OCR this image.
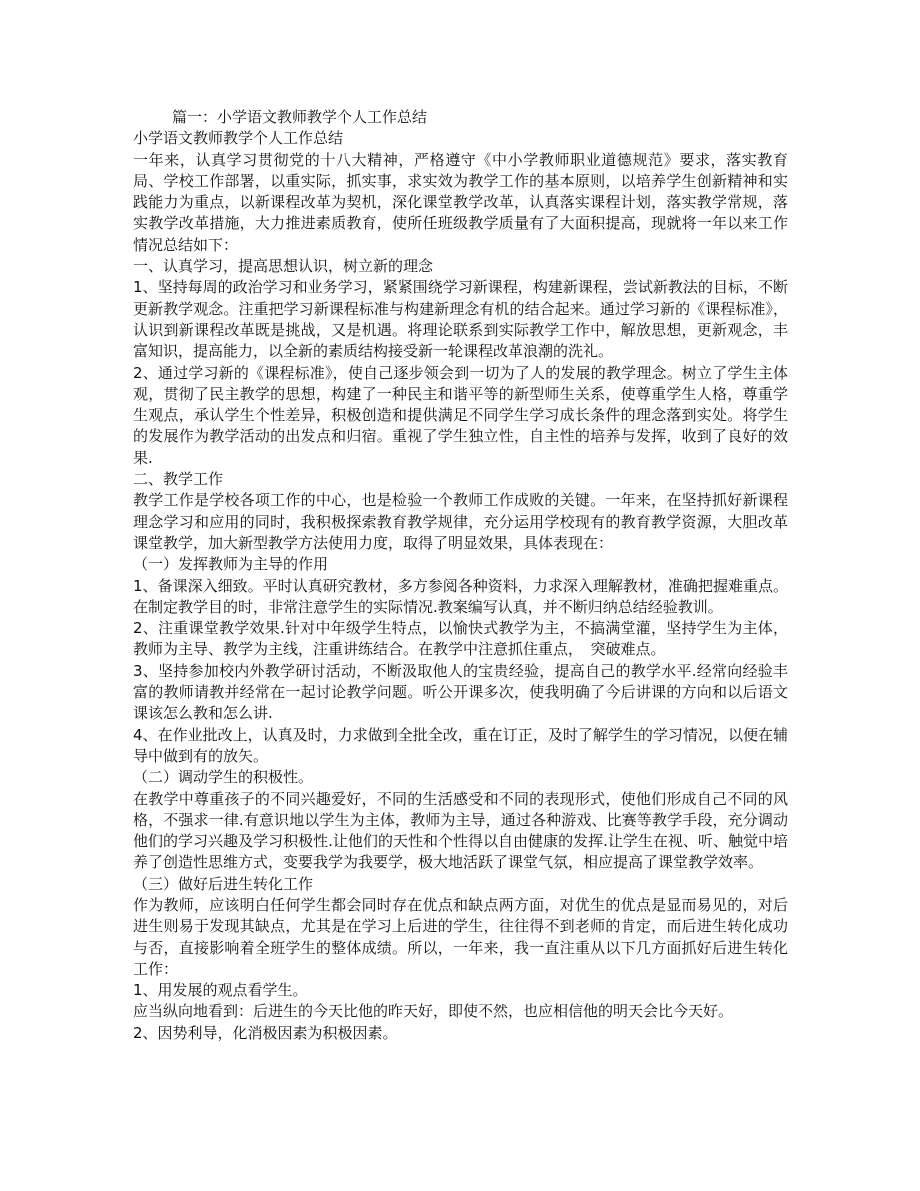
篇一：小学语文教师教学个人工作总结

小学语文教师教学个人工作总结

一年来，认真学习贯彻党的十八大精神，严格遵守《中小学教师职业道德规范》要求，落实教育局、学校工作部署，以重实际，抓实事，求实效为教学工作的基本原则，以培养学生创新精神和实践能力为重点，以新课程改革为契机，深化课堂教学改革，认真落实课程计划，落实教学常规，落实教学改革措施，大力推进素质教育，使所任班级教学质量有了大面积提高，现就将一年以来工作情况总结如下：

一、认真学习，提高思想认识，树立新的理念

1、坚持每周的政治学习和业务学习，紧紧围绕学习新课程，构建新课程，尝试新教法的目标，不断更新教学观念。注重把学习新课程标准与构建新理念有机的结合起来。通过学习新的《课程标准》，认识到新课程改革既是挑战，又是机遇。将理论联系到实际教学工作中，解放思想，更新观念，丰富知识，提高能力，以全新的素质结构接受新一轮课程改革浪潮的洗礼。

2、通过学习新的《课程标准》，使自己逐步领会到一切为了人的发展的教学理念。树立了学生主体观，贯彻了民主教学的思想，构建了一种民主和谐平等的新型师生关系，使尊重学生人格，尊重学生观点，承认学生个性差异，积极创造和提供满足不同学生学习成长条件的理念落到实处。将学生的发展作为教学活动的出发点和归宿。重视了学生独立性，自主性的培养与发挥，收到了良好的效果.

二、教学工作

教学工作是学校各项工作的中心，也是检验一个教师工作成败的关键。一年来，在坚持抓好新课程理念学习和应用的同时，我积极探索教育教学规律，充分运用学校现有的教育教学资源，大胆改革课堂教学，加大新型教学方法使用力度，取得了明显效果，具体表现在：

（一）发挥教师为主导的作用

1、备课深入细致。平时认真研究教材，多方参阅各种资料，力求深入理解教材，准确把握难重点。在制定教学目的时，非常注意学生的实际情况.教案编写认真，并不断归纳总结经验教训。

2、注重课堂教学效果.针对中年级学生特点，以愉快式教学为主，不搞满堂灌，坚持学生为主体，教师为主导、教学为主线，注重讲练结合。在教学中注意抓住重点，　突破难点。

3、坚持参加校内外教学研讨活动，不断汲取他人的宝贵经验，提高自己的教学水平.经常向经验丰富的教师请教并经常在一起讨论教学问题。听公开课多次，使我明确了今后讲课的方向和以后语文课该怎么教和怎么讲.

4、在作业批改上，认真及时，力求做到全批全改，重在订正，及时了解学生的学习情况，以便在辅导中做到有的放矢。

（二）调动学生的积极性。

在教学中尊重孩子的不同兴趣爱好，不同的生活感受和不同的表现形式，使他们形成自己不同的风格，不强求一律.有意识地以学生为主体，教师为主导，通过各种游戏、比赛等教学手段，充分调动他们的学习兴趣及学习积极性.让他们的天性和个性得以自由健康的发挥.让学生在视、听、触觉中培养了创造性思维方式，变要我学为我要学，极大地活跃了课堂气氛，相应提高了课堂教学效率。

（三）做好后进生转化工作

作为教师，应该明白任何学生都会同时存在优点和缺点两方面，对优生的优点是显而易见的，对后进生则易于发现其缺点，尤其是在学习上后进的学生，往往得不到老师的肯定，而后进生转化成功与否，直接影响着全班学生的整体成绩。所以，一年来，我一直注重从以下几方面抓好后进生转化工作：

1、用发展的观点看学生。

应当纵向地看到：后进生的今天比他的昨天好，即使不然，也应相信他的明天会比今天好。

2、因势利导，化消极因素为积极因素。
